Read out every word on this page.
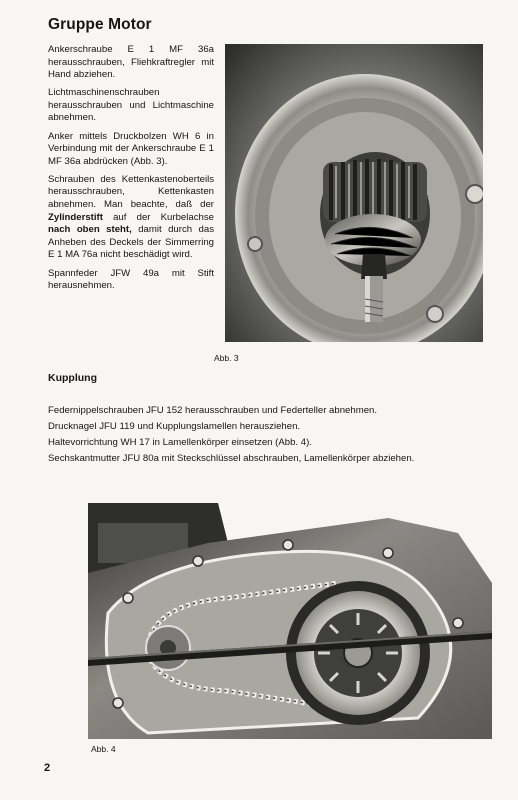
Gruppe Motor

Ankerschraube E 1 MF 36a herausschrauben, Fliehkraftregler mit Hand abziehen.

Lichtmaschinenschrauben herausschrauben und Lichtmaschine abnehmen.

Anker mittels Druckbolzen WH 6 in Verbindung mit der Ankerschraube E 1 MF 36a abdrücken (Abb. 3).

Schrauben des Kettenkastenoberteils herausschrauben, Kettenkasten abnehmen. Man beachte, daß der Zylinderstift auf der Kurbelachse nach oben steht, damit durch das Anheben des Deckels der Simmerring E 1 MA 76a nicht beschädigt wird.

Spannfeder JFW 49a mit Stift herausnehmen.

Abb. 3
Kupplung

Federnippelschrauben JFU 152 herausschrauben und Federteller abnehmen.

Drucknagel JFU 119 und Kupplungslamellen herausziehen.

Haltevorrichtung WH 17 in Lamellenkörper einsetzen (Abb. 4).

Sechskantmutter JFU 80a mit Steckschlüssel abschrauben, Lamellenkörper abziehen.

Abb. 4
2
